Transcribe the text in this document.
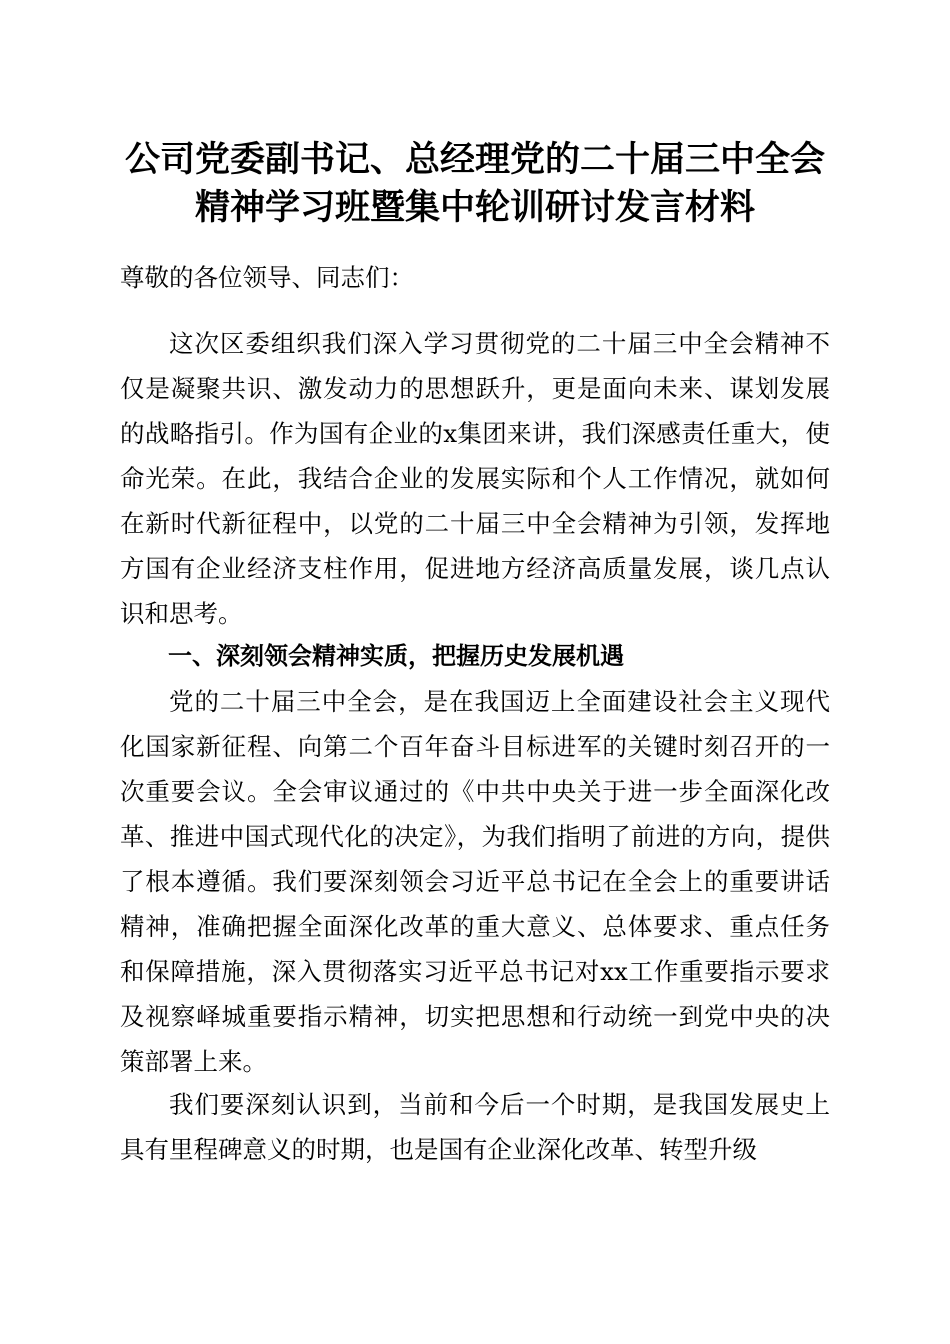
公司党委副书记、总经理党的二十届三中全会
精神学习班暨集中轮训研讨发言材料
尊敬的各位领导、同志们：
这次区委组织我们深入学习贯彻党的二十届三中全会精神不仅是凝聚共识、激发动力的思想跃升，更是面向未来、谋划发展的战略指引。作为国有企业的x集团来讲，我们深感责任重大，使命光荣。在此，我结合企业的发展实际和个人工作情况，就如何在新时代新征程中，以党的二十届三中全会精神为引领，发挥地方国有企业经济支柱作用，促进地方经济高质量发展，谈几点认识和思考。
一、深刻领会精神实质，把握历史发展机遇
党的二十届三中全会，是在我国迈上全面建设社会主义现代化国家新征程、向第二个百年奋斗目标进军的关键时刻召开的一次重要会议。全会审议通过的《中共中央关于进一步全面深化改革、推进中国式现代化的决定》，为我们指明了前进的方向，提供了根本遵循。我们要深刻领会习近平总书记在全会上的重要讲话精神，准确把握全面深化改革的重大意义、总体要求、重点任务和保障措施，深入贯彻落实习近平总书记对xx工作重要指示要求及视察峄城重要指示精神，切实把思想和行动统一到党中央的决策部署上来。
我们要深刻认识到，当前和今后一个时期，是我国发展史上具有里程碑意义的时期，也是国有企业深化改革、转型升级
